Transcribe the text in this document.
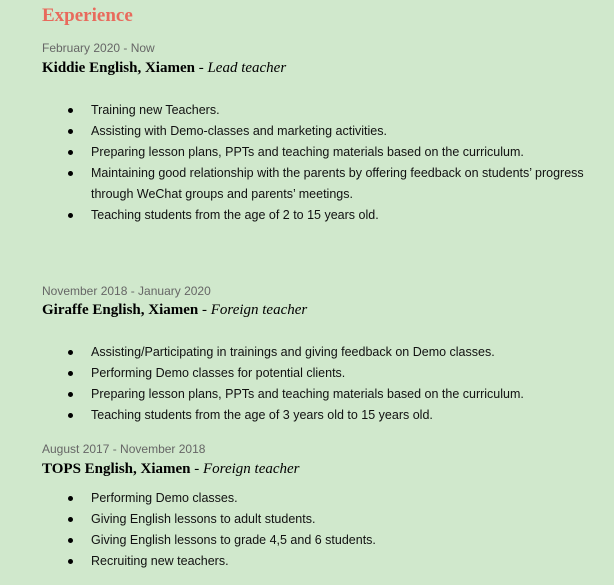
Experience
February 2020 - Now
Kiddie English, Xiamen - Lead teacher
Training new Teachers.
Assisting with Demo-classes and marketing activities.
Preparing lesson plans, PPTs and teaching materials based on the curriculum.
Maintaining good relationship with the parents by offering feedback on students’ progress through WeChat groups and parents’ meetings.
Teaching students from the age of 2 to 15 years old.
November 2018 - January 2020
Giraffe English, Xiamen - Foreign teacher
Assisting/Participating in trainings and giving feedback on Demo classes.
Performing Demo classes for potential clients.
Preparing lesson plans, PPTs and teaching materials based on the curriculum.
Teaching students from the age of 3 years old to 15 years old.
August 2017 - November 2018
TOPS English, Xiamen - Foreign teacher
Performing Demo classes.
Giving English lessons to adult students.
Giving English lessons to grade 4,5 and 6 students.
Recruiting new teachers.
